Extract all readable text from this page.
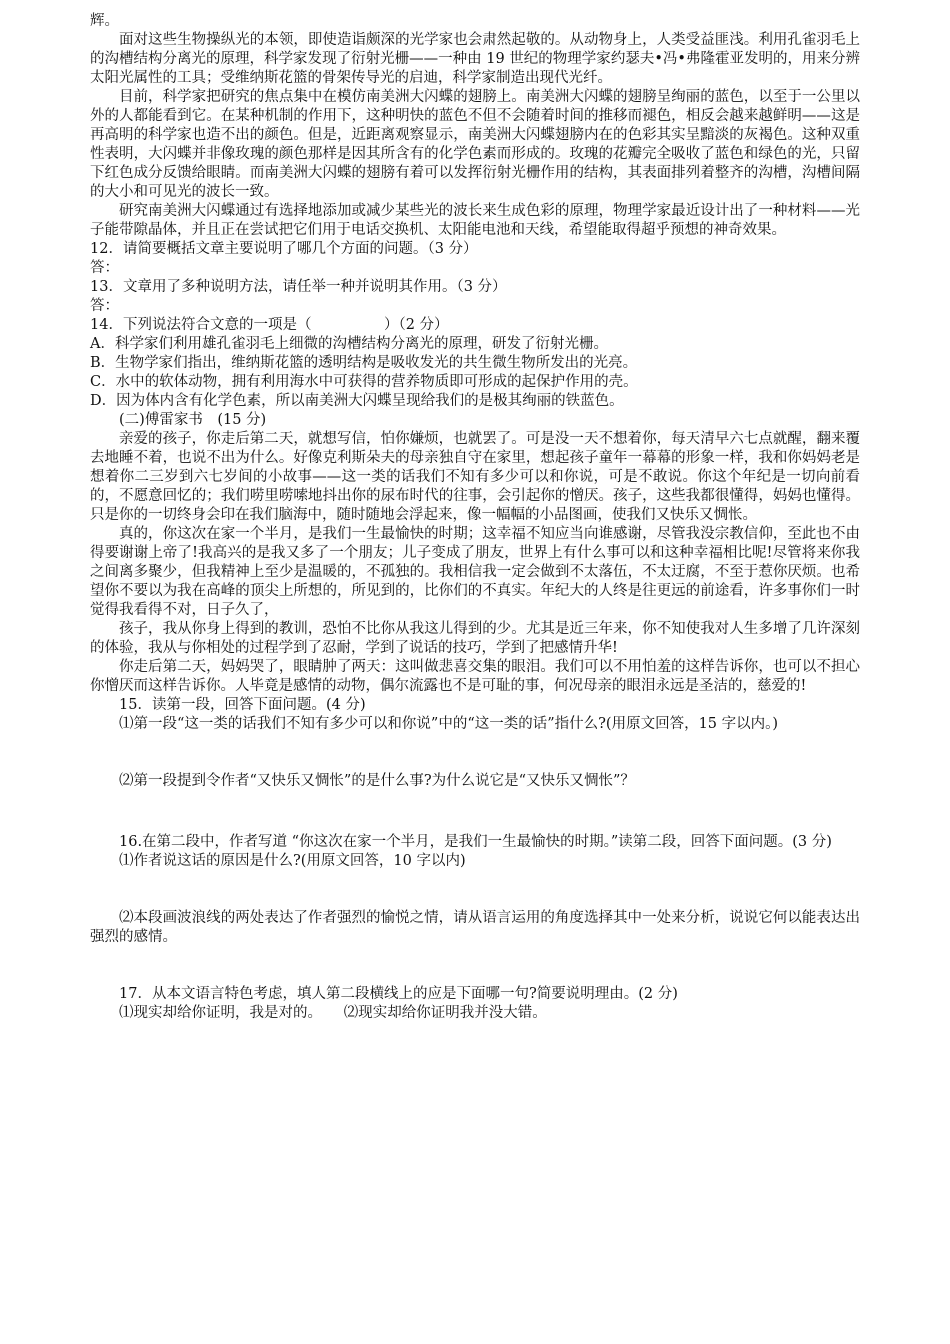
辉。

面对这些生物操纵光的本领，即使造诣颇深的光学家也会肃然起敬的。从动物身上，人类受益匪浅。利用孔雀羽毛上的沟槽结构分离光的原理，科学家发现了衍射光栅——一种由 19 世纪的物理学家约瑟夫•冯•弗隆霍亚发明的，用来分辨太阳光属性的工具；受维纳斯花篮的骨架传导光的启迪，科学家制造出现代光纤。

目前，科学家把研究的焦点集中在模仿南美洲大闪蝶的翅膀上。南美洲大闪蝶的翅膀呈绚丽的蓝色，以至于一公里以外的人都能看到它。在某种机制的作用下，这种明快的蓝色不但不会随着时间的推移而褪色，相反会越来越鲜明——这是再高明的科学家也造不出的颜色。但是，近距离观察显示，南美洲大闪蝶翅膀内在的色彩其实呈黯淡的灰褐色。这种双重性表明，大闪蝶并非像玫瑰的颜色那样是因其所含有的化学色素而形成的。玫瑰的花瓣完全吸收了蓝色和绿色的光，只留下红色成分反馈给眼睛。而南美洲大闪蝶的翅膀有着可以发挥衍射光栅作用的结构，其表面排列着整齐的沟槽，沟槽间隔的大小和可见光的波长一致。

研究南美洲大闪蝶通过有选择地添加或减少某些光的波长来生成色彩的原理，物理学家最近设计出了一种材料——光子能带隙晶体，并且正在尝试把它们用于电话交换机、太阳能电池和天线，希望能取得超乎预想的神奇效果。

12．请简要概括文章主要说明了哪几个方面的问题。（3 分）

答：

13．文章用了多种说明方法，请任举一种并说明其作用。（3 分）

答：

14．下列说法符合文意的一项是（　　　　　）（2 分）

A．科学家们利用雄孔雀羽毛上细微的沟槽结构分离光的原理，研发了衍射光栅。

B．生物学家们指出，维纳斯花篮的透明结构是吸收发光的共生微生物所发出的光亮。

C．水中的软体动物，拥有利用海水中可获得的营养物质即可形成的起保护作用的壳。

D．因为体内含有化学色素，所以南美洲大闪蝶呈现给我们的是极其绚丽的铁蓝色。

(二)傅雷家书　(15 分)

亲爱的孩子，你走后第二天，就想写信，怕你嫌烦，也就罢了。可是没一天不想着你，每天清早六七点就醒，翻来覆去地睡不着，也说不出为什么。好像克利斯朵夫的母亲独自守在家里，想起孩子童年一幕幕的形象一样，我和你妈妈老是想着你二三岁到六七岁间的小故事——这一类的话我们不知有多少可以和你说，可是不敢说。你这个年纪是一切向前看的，不愿意回忆的；我们唠里唠嗦地抖出你的尿布时代的往事，会引起你的憎厌。孩子，这些我都很懂得，妈妈也懂得。只是你的一切终身会印在我们脑海中，随时随地会浮起来，像一幅幅的小品图画，使我们又快乐又惆怅。

真的，你这次在家一个半月，是我们一生最愉快的时期；这幸福不知应当向谁感谢，尽管我没宗教信仰，至此也不由得要谢谢上帝了!我高兴的是我又多了一个朋友；儿子变成了朋友，世界上有什么事可以和这种幸福相比呢!尽管将来你我之间离多聚少，但我精神上至少是温暖的，不孤独的。我相信我一定会做到不太落伍，不太迂腐，不至于惹你厌烦。也希望你不要以为我在高峰的顶尖上所想的，所见到的，比你们的不真实。年纪大的人终是往更远的前途看，许多事你们一时觉得我看得不对，日子久了，

孩子，我从你身上得到的教训，恐怕不比你从我这儿得到的少。尤其是近三年来，你不知使我对人生多增了几许深刻的体验，我从与你相处的过程学到了忍耐，学到了说话的技巧，学到了把感情升华!

你走后第二天，妈妈哭了，眼睛肿了两天：这叫做悲喜交集的眼泪。我们可以不用怕羞的这样告诉你，也可以不担心你憎厌而这样告诉你。人毕竟是感情的动物，偶尔流露也不是可耻的事，何况母亲的眼泪永远是圣洁的，慈爱的!

15．读第一段，回答下面问题。(4 分)

⑴第一段“这一类的话我们不知有多少可以和你说”中的“这一类的话”指什么?(用原文回答，15 字以内。)

⑵第一段提到令作者“又快乐又惆怅”的是什么事?为什么说它是“又快乐又惆怅”？

16.在第二段中，作者写道 “你这次在家一个半月，是我们一生最愉快的时期。”读第二段，回答下面问题。(3 分)

⑴作者说这话的原因是什么?(用原文回答，10 字以内)

⑵本段画波浪线的两处表达了作者强烈的愉悦之情，请从语言运用的角度选择其中一处来分析，说说它何以能表达出强烈的感情。

17．从本文语言特色考虑，填人第二段横线上的应是下面哪一句?简要说明理由。(2 分)

⑴现实却给你证明，我是对的。　　⑵现实却给你证明我并没大错。
